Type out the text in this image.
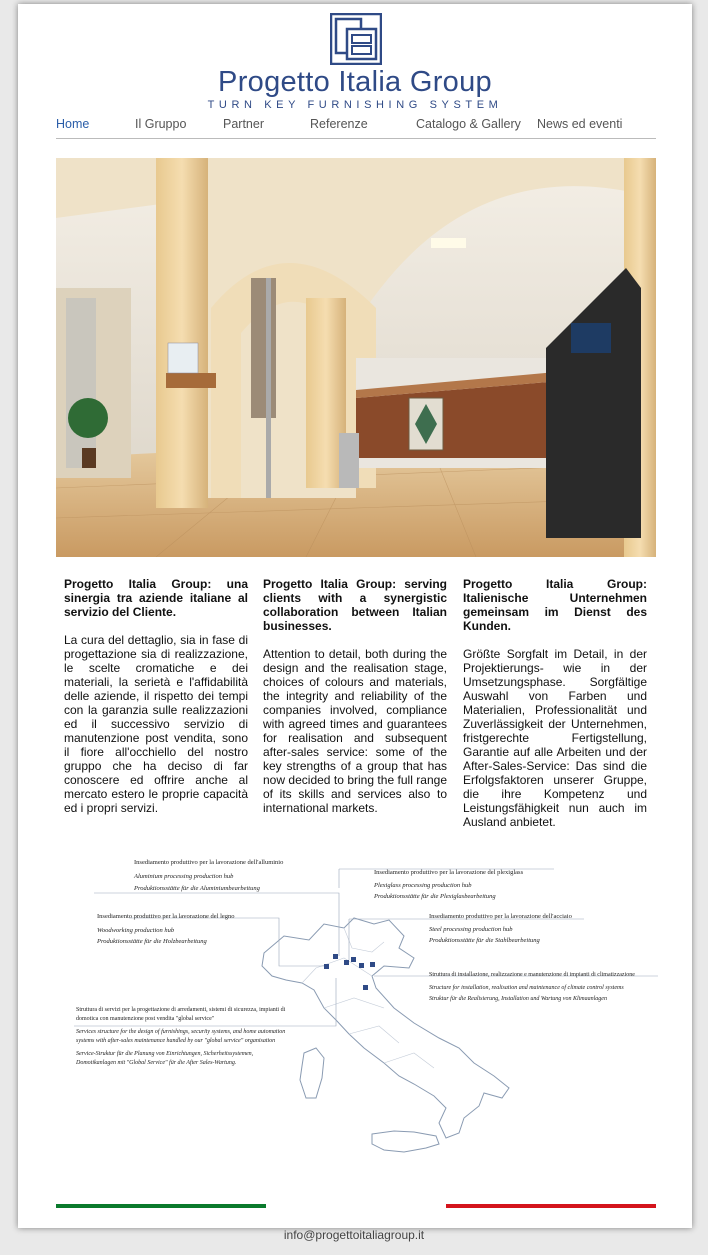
Progetto Italia Group
TURN KEY FURNISHING SYSTEM
Home	Il Gruppo	Partner	Referenze	Catalogo & Gallery News ed eventi

Progetto Italia Group: una sinergia tra aziende italiane al servizio del Cliente.

La cura del dettaglio, sia in fase di progettazione sia di realizzazione, le scelte cromatiche e dei materiali, la serietà e l'affidabilità delle aziende, il rispetto dei tempi con la garanzia sulle realizzazioni ed il successivo servizio di manutenzione post vendita, sono il fiore all'occhiello del nostro gruppo che ha deciso di far conoscere ed offrire anche al mercato estero le proprie capacità ed i propri servizi.

Progetto Italia Group: serving clients with a synergistic collaboration between Italian businesses.

Attention to detail, both during the design and the realisation stage, choices of colours and materials, the integrity and reliability of the companies involved, compliance with agreed times and guarantees for realisation and subsequent after-sales service: some of the key strengths of a group that has now decided to bring the full range of its skills and services also to international markets.

Progetto Italia Group: Italienische Unternehmen gemeinsam im Dienst des Kunden.

Größte Sorgfalt im Detail, in der Projektierungs- wie in der Umsetzungsphase. Sorgfältige Auswahl von Farben und Materialien, Professionalität und Zuverlässigkeit der Unternehmen, fristgerechte Fertigstellung, Garantie auf alle Arbeiten und der After-Sales-Service: Das sind die Erfolgsfaktoren unserer Gruppe, die ihre Kompetenz und Leistungsfähigkeit nun auch im Ausland anbietet.

Insediamento produttivo per la lavorazione dell'alluminio
Aluminium processing production hub
Produktionsstätte für die Aluminiumbearbeitung
Insediamento produttivo per la lavorazione del plexiglass
Plexiglass processing production hub
Produktionsstätte für die Plexiglasbearbeitung
Insediamento produttivo per la lavorazione del legno
Woodworking production hub
Produktionsstätte für die Holzbearbeitung
Insediamento produttivo per la lavorazione dell'acciaio
Steel processing production hub
Produktionsstätte für die Stahlbearbeitung
Struttura di installazione, realizzazione e manutenzione di impianti di climatizzazione
Structure for installation, realisation and maintenance of climate control systems
Struktur für die Realisierung, Installation und Wartung von Klimaanlagen
Struttura di servizi per la progettazione di arredamenti, sistemi di sicurezza, impianti di
domotica con manutenzione post vendita "global service"
Services structure for the design of furnishings, security systems, and home automation
systems with after-sales maintenance handled by our "global service" organisation
Service-Struktur für die Planung von Einrichtungen, Sicherheitssystemen,
Domotikanlagen mit "Global Service" für die After Sales-Wartung.
info@progettoitaliagroup.it
